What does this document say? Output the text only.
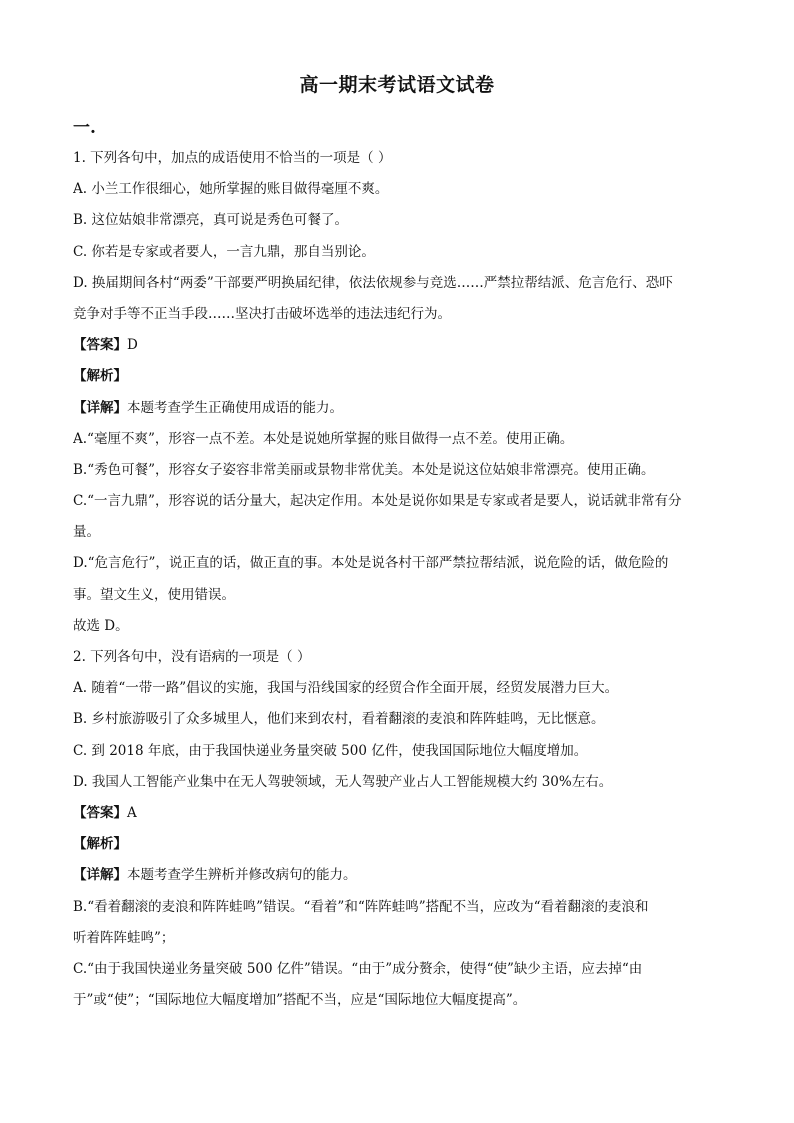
高一期末考试语文试卷
一.
1. 下列各句中，加点的成语使用不恰当的一项是（ ）
A. 小兰工作很细心，她所掌握的账目做得毫厘不爽。
B. 这位姑娘非常漂亮，真可说是秀色可餐了。
C. 你若是专家或者要人，一言九鼎，那自当别论。
D. 换届期间各村“两委”干部要严明换届纪律，依法依规参与竞选……严禁拉帮结派、危言危行、恐吓
竞争对手等不正当手段……坚决打击破坏选举的违法违纪行为。
【答案】D
【解析】
【详解】本题考查学生正确使用成语的能力。
A.“毫厘不爽”，形容一点不差。本处是说她所掌握的账目做得一点不差。使用正确。
B.“秀色可餐”，形容女子姿容非常美丽或景物非常优美。本处是说这位姑娘非常漂亮。使用正确。
C.“一言九鼎”，形容说的话分量大，起决定作用。本处是说你如果是专家或者是要人，说话就非常有分
量。
D.“危言危行”，说正直的话，做正直的事。本处是说各村干部严禁拉帮结派，说危险的话，做危险的
事。望文生义，使用错误。
故选 D。
2. 下列各句中，没有语病的一项是（ ）
A. 随着“一带一路”倡议的实施，我国与沿线国家的经贸合作全面开展，经贸发展潜力巨大。
B. 乡村旅游吸引了众多城里人，他们来到农村，看着翻滚的麦浪和阵阵蛙鸣，无比惬意。
C. 到 2018 年底，由于我国快递业务量突破 500 亿件，使我国国际地位大幅度增加。
D. 我国人工智能产业集中在无人驾驶领域，无人驾驶产业占人工智能规模大约 30%左右。
【答案】A
【解析】
【详解】本题考查学生辨析并修改病句的能力。
B.“看着翻滚的麦浪和阵阵蛙鸣”错误。“看着”和“阵阵蛙鸣”搭配不当，应改为“看着翻滚的麦浪和
听着阵阵蛙鸣”；
C.“由于我国快递业务量突破 500 亿件”错误。“由于”成分赘余，使得“使”缺少主语，应去掉“由
于”或“使”；“国际地位大幅度增加”搭配不当，应是“国际地位大幅度提高”。
